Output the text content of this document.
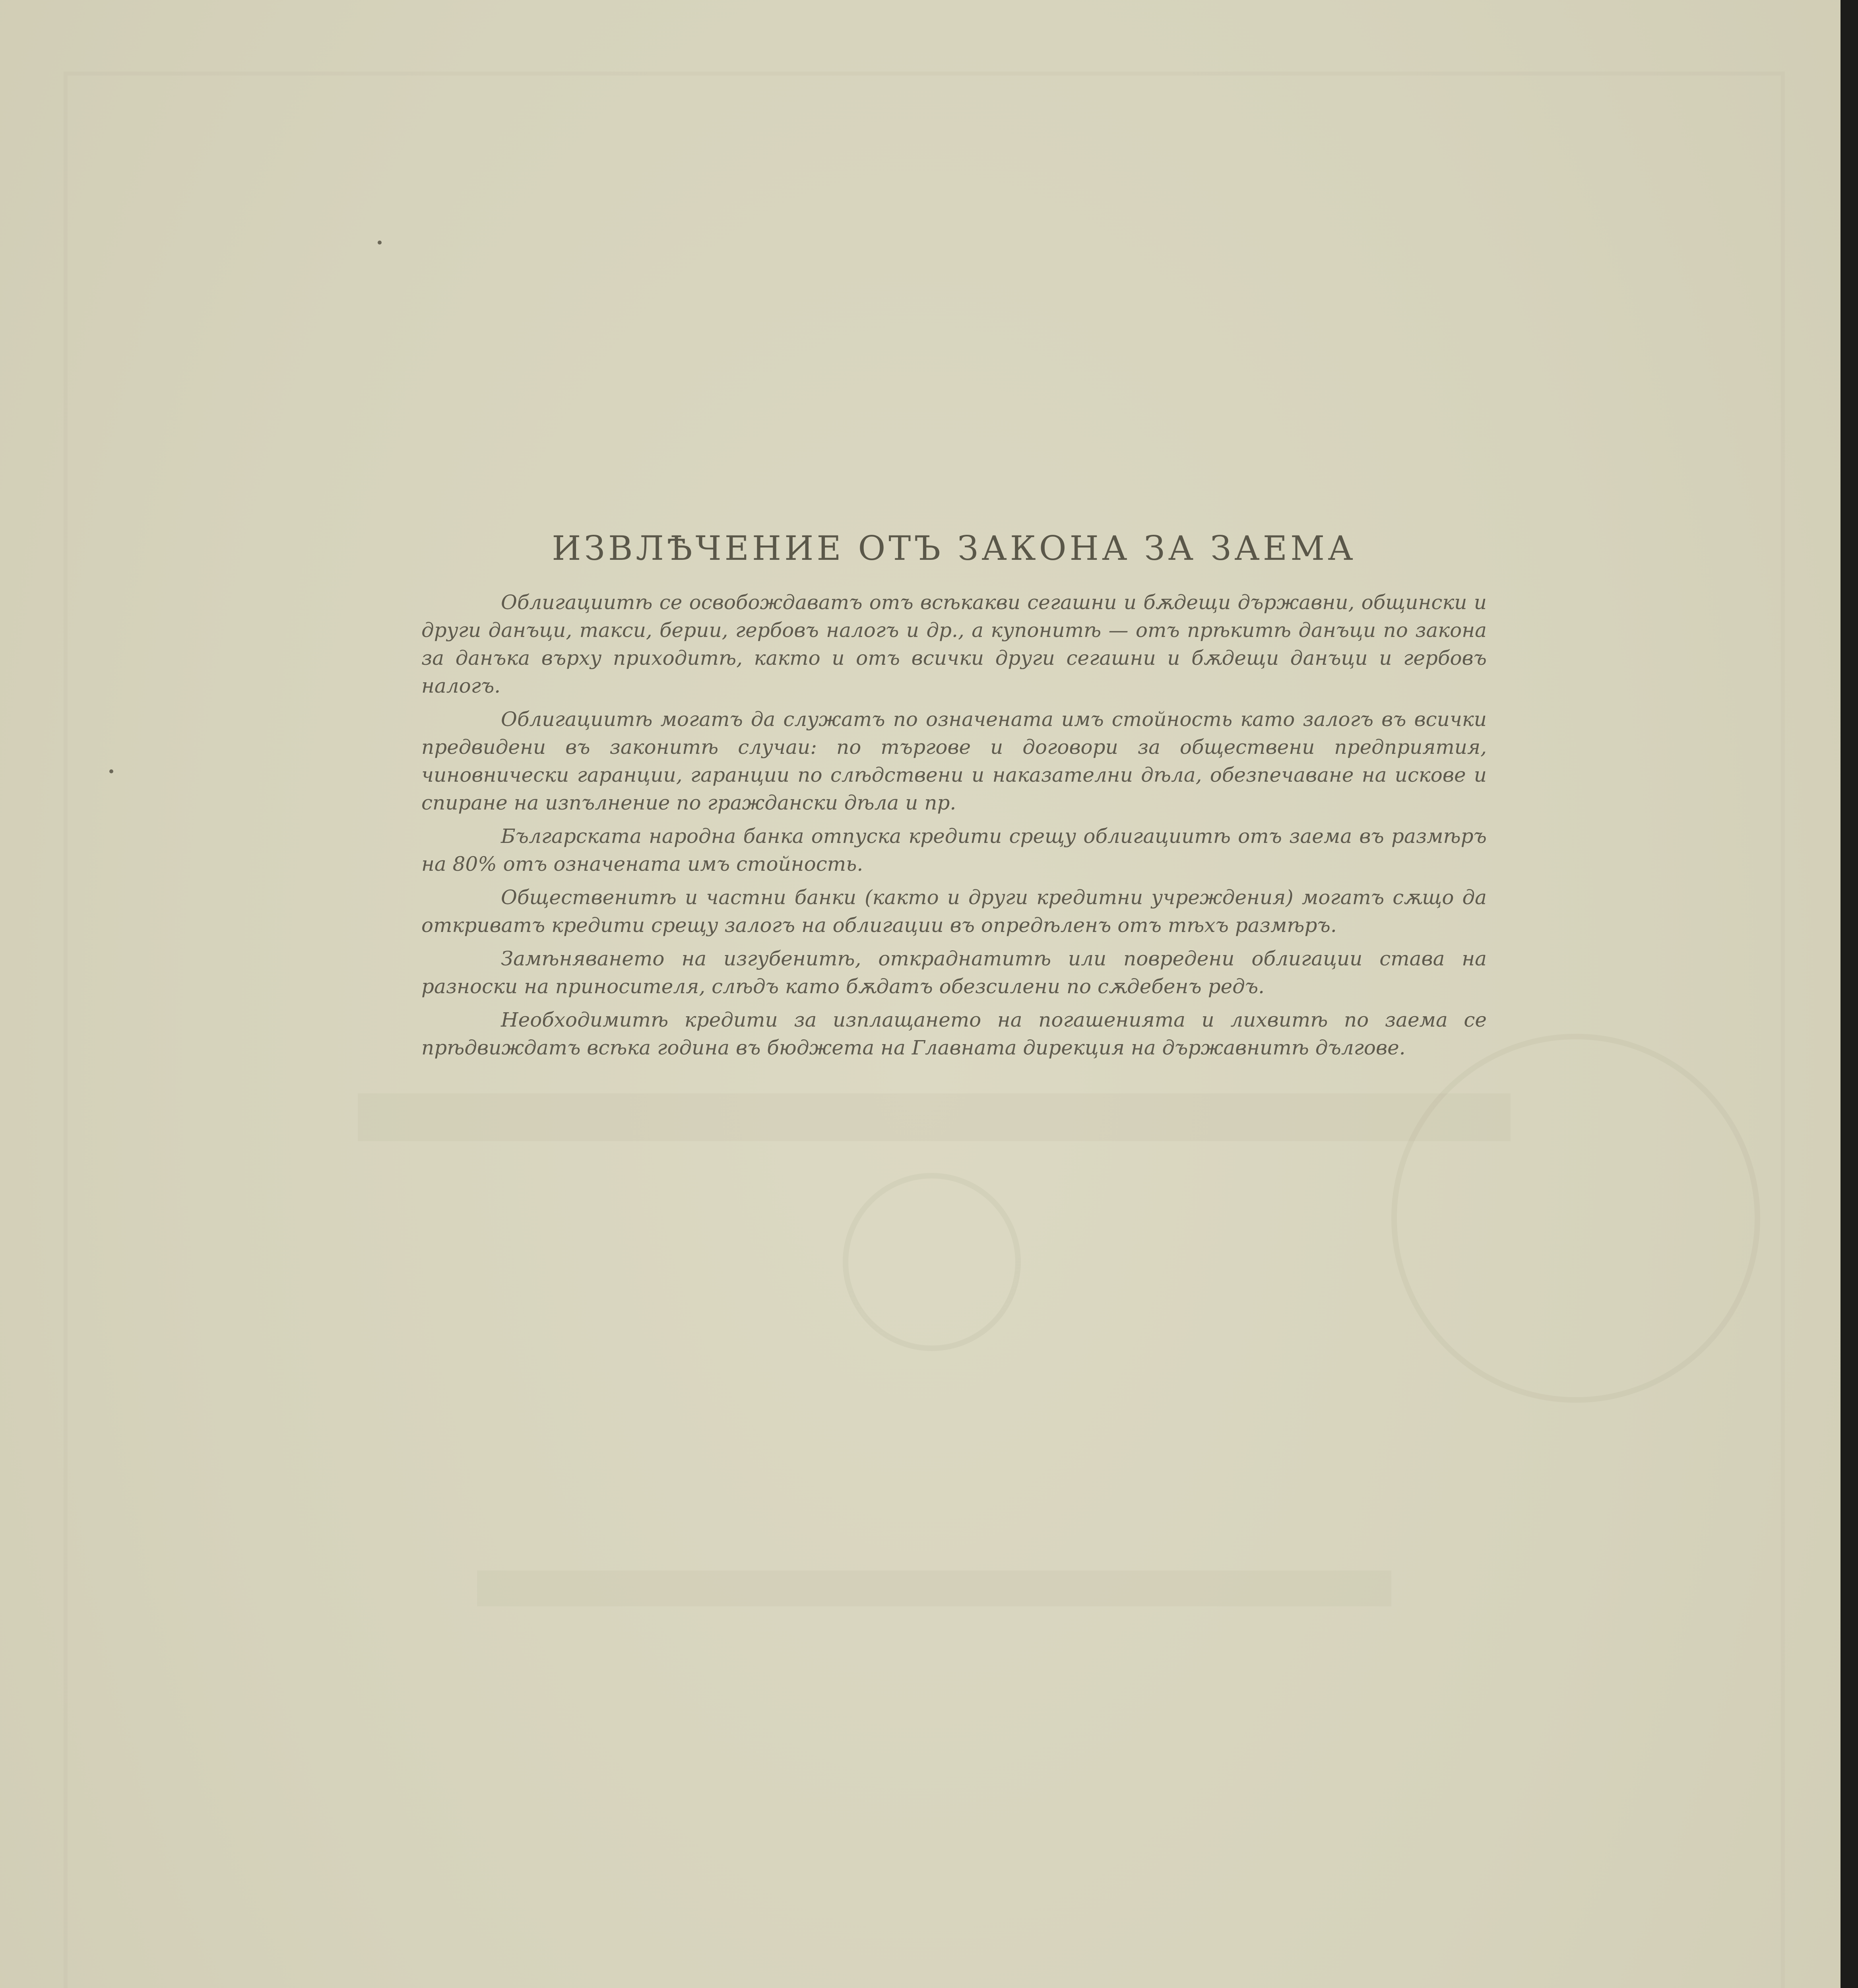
ИЗВЛѢЧЕНИЕ ОТЪ ЗАКОНА ЗА ЗАЕМА

Облигациитѣ се освобождаватъ отъ всѣкакви сегашни и бѫдещи държавни, общински и други данъци, такси, берии, гербовъ налогъ и др., а купонитѣ — отъ прѣкитѣ данъци по закона за данъка върху приходитѣ, както и отъ всички други сегашни и бѫдещи данъци и гербовъ налогъ.

Облигациитѣ могатъ да служатъ по означената имъ стойность като залогъ въ всички предвидени въ законитѣ случаи: по търгове и договори за обществени предприятия, чиновнически гаранции, гаранции по слѣдствени и наказателни дѣла, обезпечаване на искове и спиране на изпълнение по граждански дѣла и пр.

Българската народна банка отпуска кредити срещу облигациитѣ отъ заема въ размѣръ на 80% отъ означената имъ стойность.

Общественитѣ и частни банки (както и други кредитни учреждения) могатъ сѫщо да откриватъ кредити срещу залогъ на облигации въ опредѣленъ отъ тѣхъ размѣръ.

Замѣняването на изгубенитѣ, откраднатитѣ или повредени облигации става на разноски на приносителя, слѣдъ като бѫдатъ обезсилени по сѫдебенъ редъ.

Необходимитѣ кредити за изплащането на погашенията и лихвитѣ по заема се прѣдвиждатъ всѣка година въ бюджета на Главната дирекция на държавнитѣ дългове.
